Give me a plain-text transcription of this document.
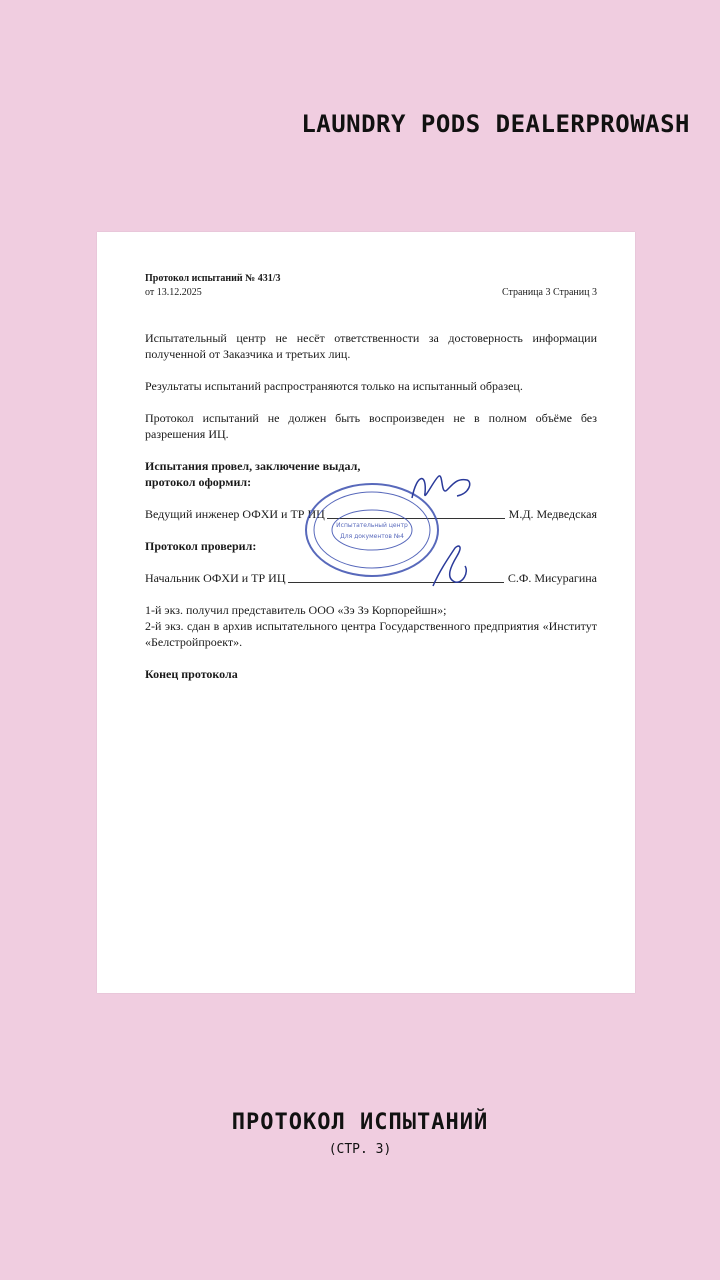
LAUNDRY PODS DEALERPROWASH
Протокол испытаний № 431/3
от 13.12.2025	Страница 3 Страниц 3

Испытательный центр не несёт ответственности за достоверность информации полученной от Заказчика и третьих лиц.

Результаты испытаний распространяются только на испытанный образец.

Протокол испытаний не должен быть воспроизведен не в полном объёме без разрешения ИЦ.

Испытания провел, заключение выдал,
протокол оформил:
Ведущий инженер ОФХИ и ТР ИЦ	М.Д. Медведская
Протокол проверил:
Начальник ОФХИ и ТР ИЦ	С.Ф. Мисурагина

1-й экз. получил представитель ООО «Зэ Зэ Корпорейшн»;

2-й экз. сдан в архив испытательного центра Государственного предприятия «Институт «Белстройпроект».

Конец протокола
Испытательный центр
Для документов №4
ПРОТОКОЛ ИСПЫТАНИЙ
(СТР. 3)
